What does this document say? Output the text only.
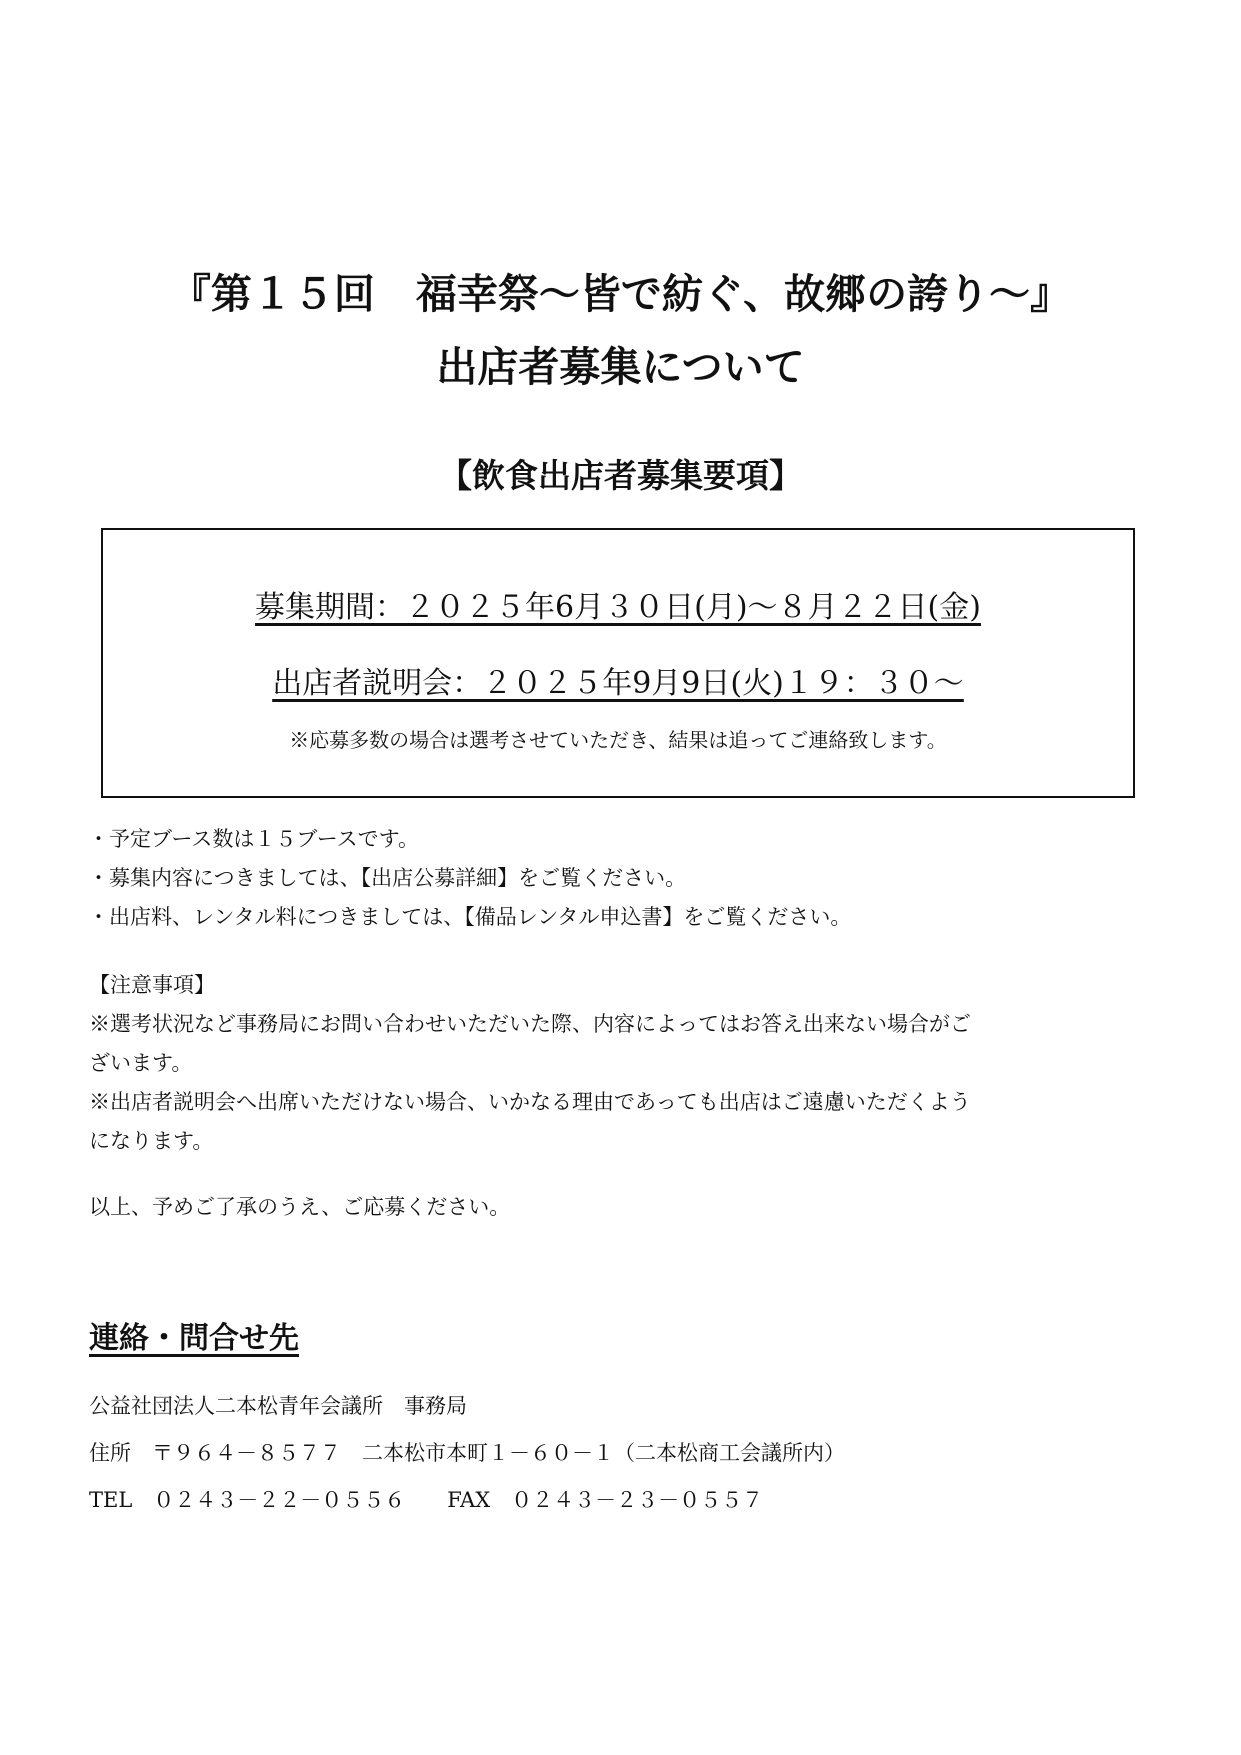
『第１５回　福幸祭～皆で紡ぐ、故郷の誇り～』
出店者募集について
【飲食出店者募集要項】
募集期間：２０２５年6月３０日(月)～８月２２日(金)
出店者説明会：２０２５年9月9日(火)１９：３０～
※応募多数の場合は選考させていただき、結果は追ってご連絡致します。
・予定ブース数は１５ブースです。
・募集内容につきましては、【出店公募詳細】をご覧ください。
・出店料、レンタル料につきましては、【備品レンタル申込書】をご覧ください。
【注意事項】
※選考状況など事務局にお問い合わせいただいた際、内容によってはお答え出来ない場合がご
ざいます。
※出店者説明会へ出席いただけない場合、いかなる理由であっても出店はご遠慮いただくよう
になります。
以上、予めご了承のうえ、ご応募ください。
連絡・問合せ先
公益社団法人二本松青年会議所　事務局
住所　〒９６４－８５７７　二本松市本町１－６０－１（二本松商工会議所内）
TEL　０２４３－２２－０５５６　　FAX　０２４３－２３－０５５７
